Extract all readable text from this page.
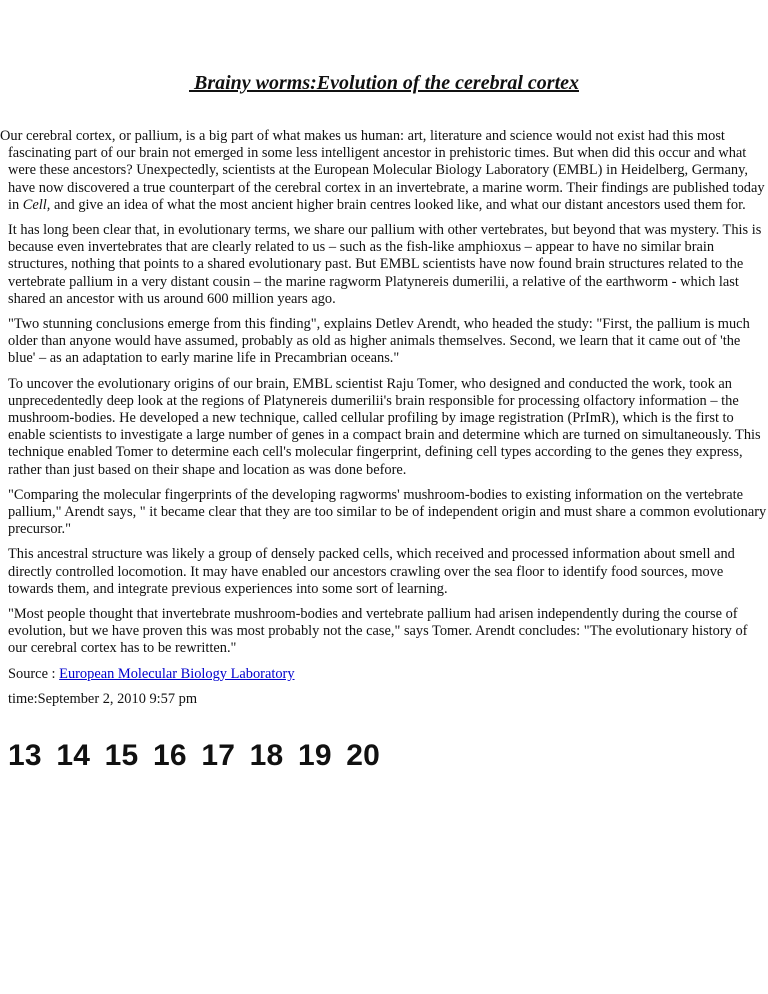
Brainy worms:Evolution of the cerebral cortex

Our cerebral cortex, or pallium, is a big part of what makes us human: art, literature and science would not exist had this most fascinating part of our brain not emerged in some less intelligent ancestor in prehistoric times. But when did this occur and what were these ancestors? Unexpectedly, scientists at the European Molecular Biology Laboratory (EMBL) in Heidelberg, Germany, have now discovered a true counterpart of the cerebral cortex in an invertebrate, a marine worm. Their findings are published today in Cell, and give an idea of what the most ancient higher brain centres looked like, and what our distant ancestors used them for.

It has long been clear that, in evolutionary terms, we share our pallium with other vertebrates, but beyond that was mystery. This is because even invertebrates that are clearly related to us – such as the fish-like amphioxus – appear to have no similar brain structures, nothing that points to a shared evolutionary past. But EMBL scientists have now found brain structures related to the vertebrate pallium in a very distant cousin – the marine ragworm Platynereis dumerilii, a relative of the earthworm - which last shared an ancestor with us around 600 million years ago.

"Two stunning conclusions emerge from this finding", explains Detlev Arendt, who headed the study: "First, the pallium is much older than anyone would have assumed, probably as old as higher animals themselves. Second, we learn that it came out of 'the blue' – as an adaptation to early marine life in Precambrian oceans."

To uncover the evolutionary origins of our brain, EMBL scientist Raju Tomer, who designed and conducted the work, took an unprecedentedly deep look at the regions of Platynereis dumerilii's brain responsible for processing olfactory information – the mushroom-bodies. He developed a new technique, called cellular profiling by image registration (PrImR), which is the first to enable scientists to investigate a large number of genes in a compact brain and determine which are turned on simultaneously. This technique enabled Tomer to determine each cell's molecular fingerprint, defining cell types according to the genes they express, rather than just based on their shape and location as was done before.

"Comparing the molecular fingerprints of the developing ragworms' mushroom-bodies to existing information on the vertebrate pallium," Arendt says, " it became clear that they are too similar to be of independent origin and must share a common evolutionary precursor."

This ancestral structure was likely a group of densely packed cells, which received and processed information about smell and directly controlled locomotion. It may have enabled our ancestors crawling over the sea floor to identify food sources, move towards them, and integrate previous experiences into some sort of learning.

"Most people thought that invertebrate mushroom-bodies and vertebrate pallium had arisen independently during the course of evolution, but we have proven this was most probably not the case," says Tomer. Arendt concludes: "The evolutionary history of our cerebral cortex has to be rewritten."

Source : European Molecular Biology Laboratory

time:September 2, 2010 9:57 pm

13 14 15 16 17 18 19 20
